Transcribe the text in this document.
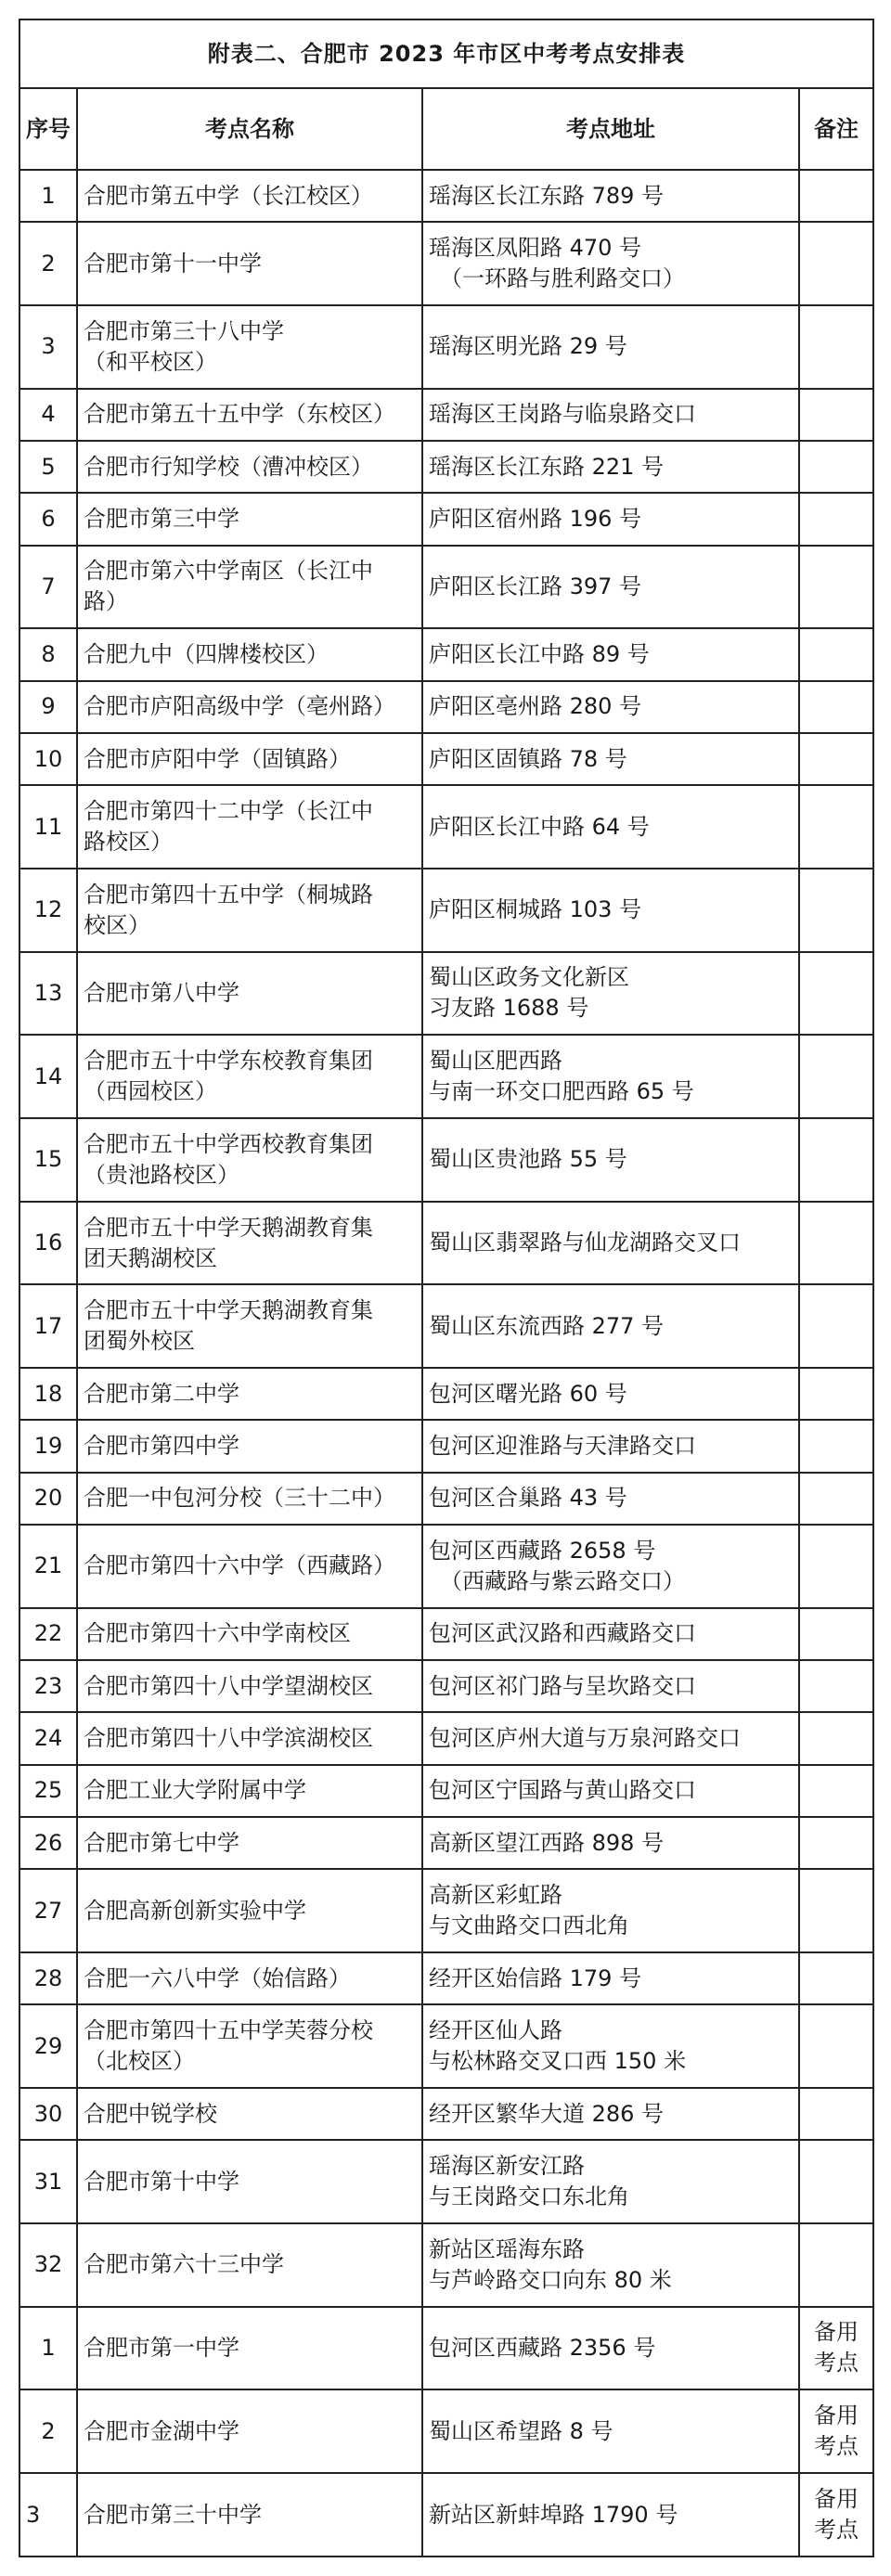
附表二、合肥市 2023 年市区中考考点安排表			
序号	考点名称	考点地址	备注
1	合肥市第五中学（长江校区）	瑶海区长江东路 789 号	

2	合肥市第十一中学	瑶海区凤阳路 470 号
（一环路与胜利路交口）	

3	合肥市第三十八中学
（和平校区）	瑶海区明光路 29 号	

4	合肥市第五十五中学（东校区）	瑶海区王岗路与临泉路交口	

5	合肥市行知学校（漕冲校区）	瑶海区长江东路 221 号	

6	合肥市第三中学	庐阳区宿州路 196 号	

7	合肥市第六中学南区（长江中
路）	庐阳区长江路 397 号	

8	合肥九中（四牌楼校区）	庐阳区长江中路 89 号	

9	合肥市庐阳高级中学（亳州路）	庐阳区亳州路 280 号	

10	合肥市庐阳中学（固镇路）	庐阳区固镇路 78 号	

11	合肥市第四十二中学（长江中
路校区）	庐阳区长江中路 64 号	

12	合肥市第四十五中学（桐城路
校区）	庐阳区桐城路 103 号	

13	合肥市第八中学	蜀山区政务文化新区
习友路 1688 号	

14	合肥市五十中学东校教育集团
（西园校区）	蜀山区肥西路
与南一环交口肥西路 65 号	

15	合肥市五十中学西校教育集团
（贵池路校区）	蜀山区贵池路 55 号	

16	合肥市五十中学天鹅湖教育集
团天鹅湖校区	蜀山区翡翠路与仙龙湖路交叉口	

17	合肥市五十中学天鹅湖教育集
团蜀外校区	蜀山区东流西路 277 号	

18	合肥市第二中学	包河区曙光路 60 号	

19	合肥市第四中学	包河区迎淮路与天津路交口	

20	合肥一中包河分校（三十二中）	包河区合巢路 43 号	

21	合肥市第四十六中学（西藏路）	包河区西藏路 2658 号
（西藏路与紫云路交口）	

22	合肥市第四十六中学南校区	包河区武汉路和西藏路交口	

23	合肥市第四十八中学望湖校区	包河区祁门路与呈坎路交口	

24	合肥市第四十八中学滨湖校区	包河区庐州大道与万泉河路交口	

25	合肥工业大学附属中学	包河区宁国路与黄山路交口	

26	合肥市第七中学	高新区望江西路 898 号	

27	合肥高新创新实验中学	高新区彩虹路
与文曲路交口西北角	

28	合肥一六八中学（始信路）	经开区始信路 179 号	

29	合肥市第四十五中学芙蓉分校
（北校区）	经开区仙人路
与松林路交叉口西 150 米	

30	合肥中锐学校	经开区繁华大道 286 号	

31	合肥市第十中学	瑶海区新安江路
与王岗路交口东北角	

32	合肥市第六十三中学	新站区瑶海东路
与芦岭路交口向东 80 米	

1	合肥市第一中学	包河区西藏路 2356 号	备用
考点

2	合肥市金湖中学	蜀山区希望路 8 号	备用
考点

3	合肥市第三十中学	新站区新蚌埠路 1790 号	备用
考点
